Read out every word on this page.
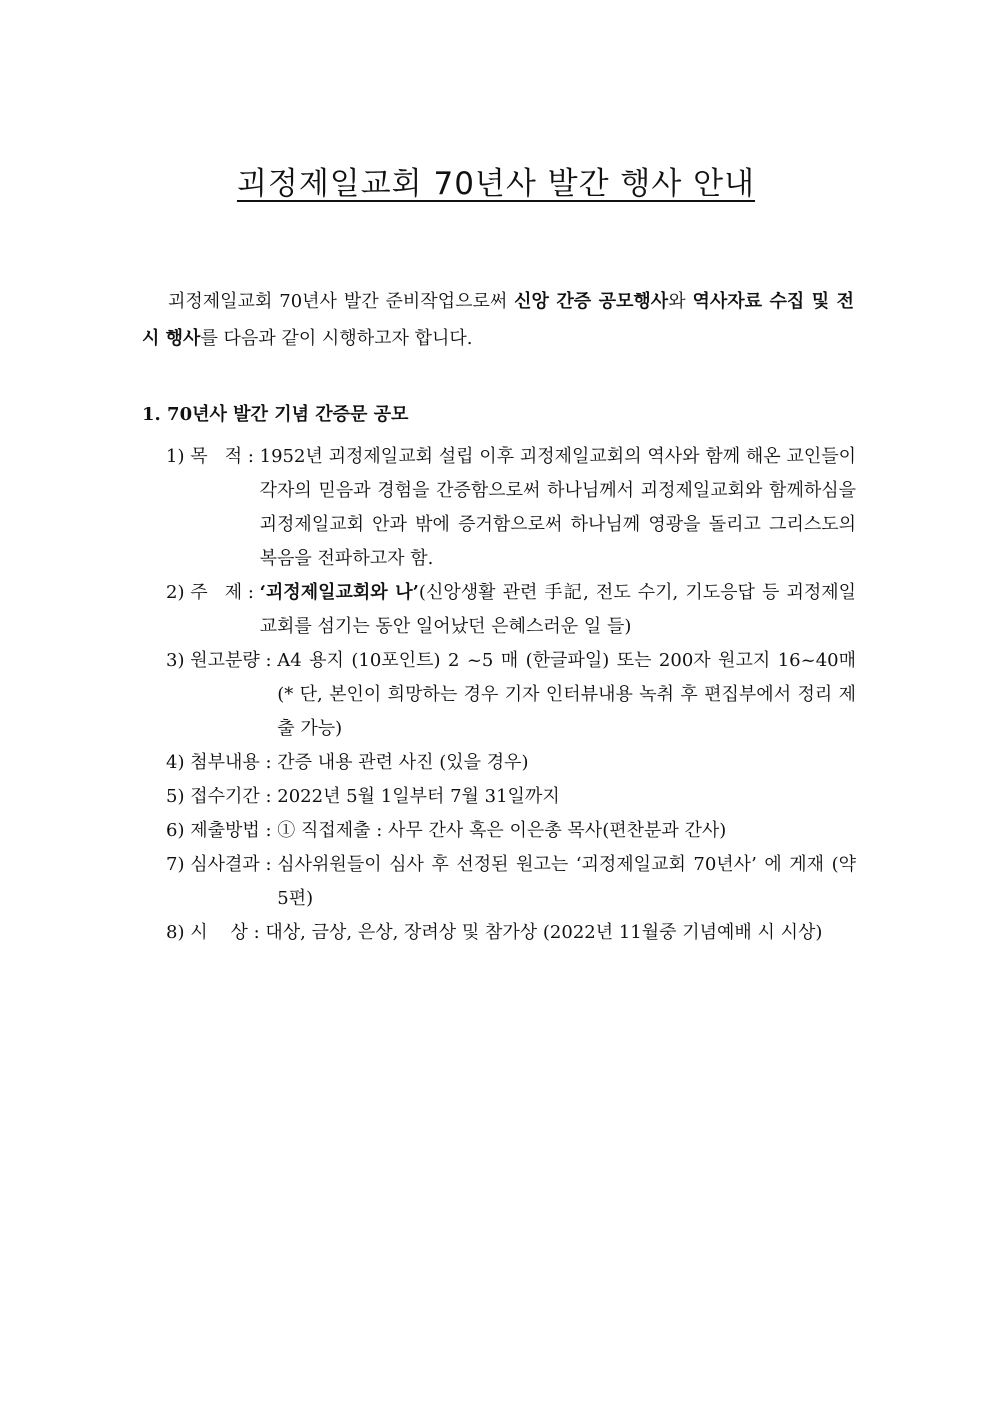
괴정제일교회 70년사 발간 행사 안내

괴정제일교회 70년사 발간 준비작업으로써 신앙 간증 공모행사와 역사자료 수집 및 전시 행사를 다음과 같이 시행하고자 합니다.

1. 70년사 발간 기념 간증문 공모

1) 목   적 : 1952년 괴정제일교회 설립 이후 괴정제일교회의 역사와 함께 해온 교인들이 각자의 믿음과 경험을 간증함으로써 하나님께서 괴정제일교회와 함께하심을 괴정제일교회 안과 밖에 증거함으로써 하나님께 영광을 돌리고 그리스도의 복음을 전파하고자 함.
2) 주   제 : ‘괴정제일교회와 나’(신앙생활 관련 手記, 전도 수기, 기도응답 등 괴정제일교회를 섬기는 동안 일어났던 은혜스러운 일 들)
3) 원고분량 : A4 용지 (10포인트) 2 ~5 매 (한글파일) 또는 200자 원고지 16~40매 (* 단, 본인이 희망하는 경우 기자 인터뷰내용 녹취 후 편집부에서 정리 제출 가능)
4) 첨부내용 : 간증 내용 관련 사진 (있을 경우)
5) 접수기간 : 2022년 5월 1일부터 7월 31일까지
6) 제출방법 : ① 직접제출 : 사무 간사 혹은 이은총 목사(편찬분과 간사)
7) 심사결과 : 심사위원들이 심사 후 선정된 원고는 ‘괴정제일교회 70년사’ 에 게재 (약 5편)
8) 시    상 : 대상, 금상, 은상, 장려상 및 참가상 (2022년 11월중 기념예배 시 시상)
